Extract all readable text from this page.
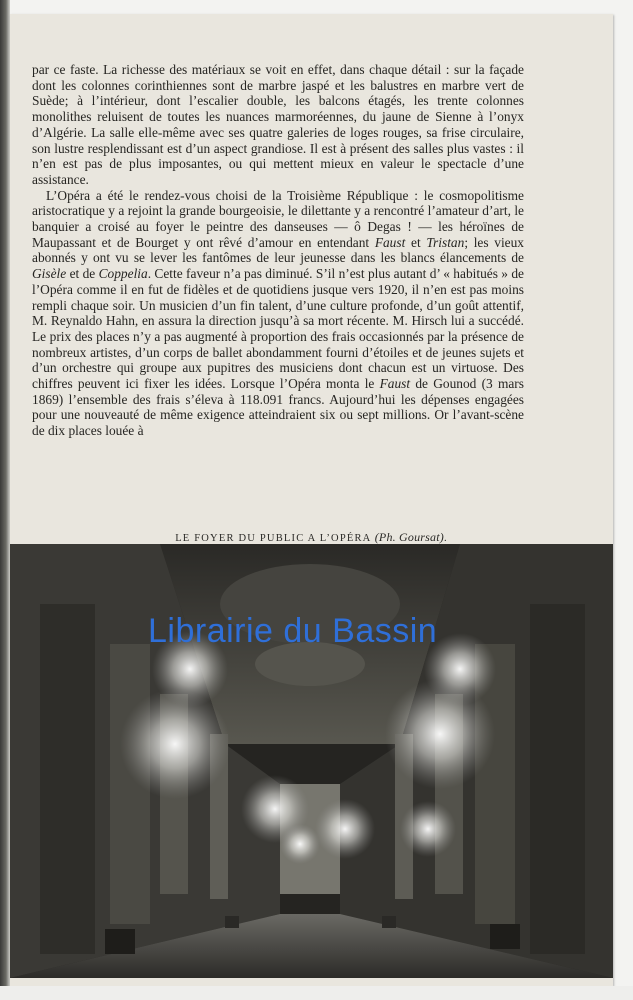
par ce faste. La richesse des matériaux se voit en effet, dans chaque détail : sur la façade dont les colonnes corinthiennes sont de marbre jaspé et les balustres en marbre vert de Suède; à l’intérieur, dont l’escalier double, les balcons étagés, les trente colonnes monolithes reluisent de toutes les nuances marmoréennes, du jaune de Sienne à l’onyx d’Algérie. La salle elle-même avec ses quatre galeries de loges rouges, sa frise circulaire, son lustre resplendissant est d’un aspect grandiose. Il est à présent des salles plus vastes : il n’en est pas de plus imposantes, ou qui mettent mieux en valeur le spectacle d’une assistance.

L’Opéra a été le rendez-vous choisi de la Troisième République : le cosmopolitisme aristocratique y a rejoint la grande bourgeoisie, le dilettante y a rencontré l’amateur d’art, le banquier a croisé au foyer le peintre des danseuses — ô Degas ! — les héroïnes de Maupassant et de Bourget y ont rêvé d’amour en entendant Faust et Tristan; les vieux abonnés y ont vu se lever les fantômes de leur jeunesse dans les blancs élancements de Gisèle et de Coppelia. Cette faveur n’a pas diminué. S’il n’est plus autant d’ « habitués » de l’Opéra comme il en fut de fidèles et de quotidiens jusque vers 1920, il n’en est pas moins rempli chaque soir. Un musicien d’un fin talent, d’une culture profonde, d’un goût attentif, M. Reynaldo Hahn, en assura la direction jusqu’à sa mort récente. M. Hirsch lui a succédé. Le prix des places n’y a pas augmenté à proportion des frais occasionnés par la présence de nombreux artistes, d’un corps de ballet abondamment fourni d’étoiles et de jeunes sujets et d’un orchestre qui groupe aux pupitres des musiciens dont chacun est un virtuose. Des chiffres peuvent ici fixer les idées. Lorsque l’Opéra monta le Faust de Gounod (3 mars 1869) l’ensemble des frais s’éleva à 118.091 francs. Aujourd’hui les dépenses engagées pour une nouveauté de même exigence atteindraient six ou sept millions. Or l’avant-scène de dix places louée à

LE FOYER DU PUBLIC A L’OPÉRA (Ph. Goursat).
Librairie du Bassin
